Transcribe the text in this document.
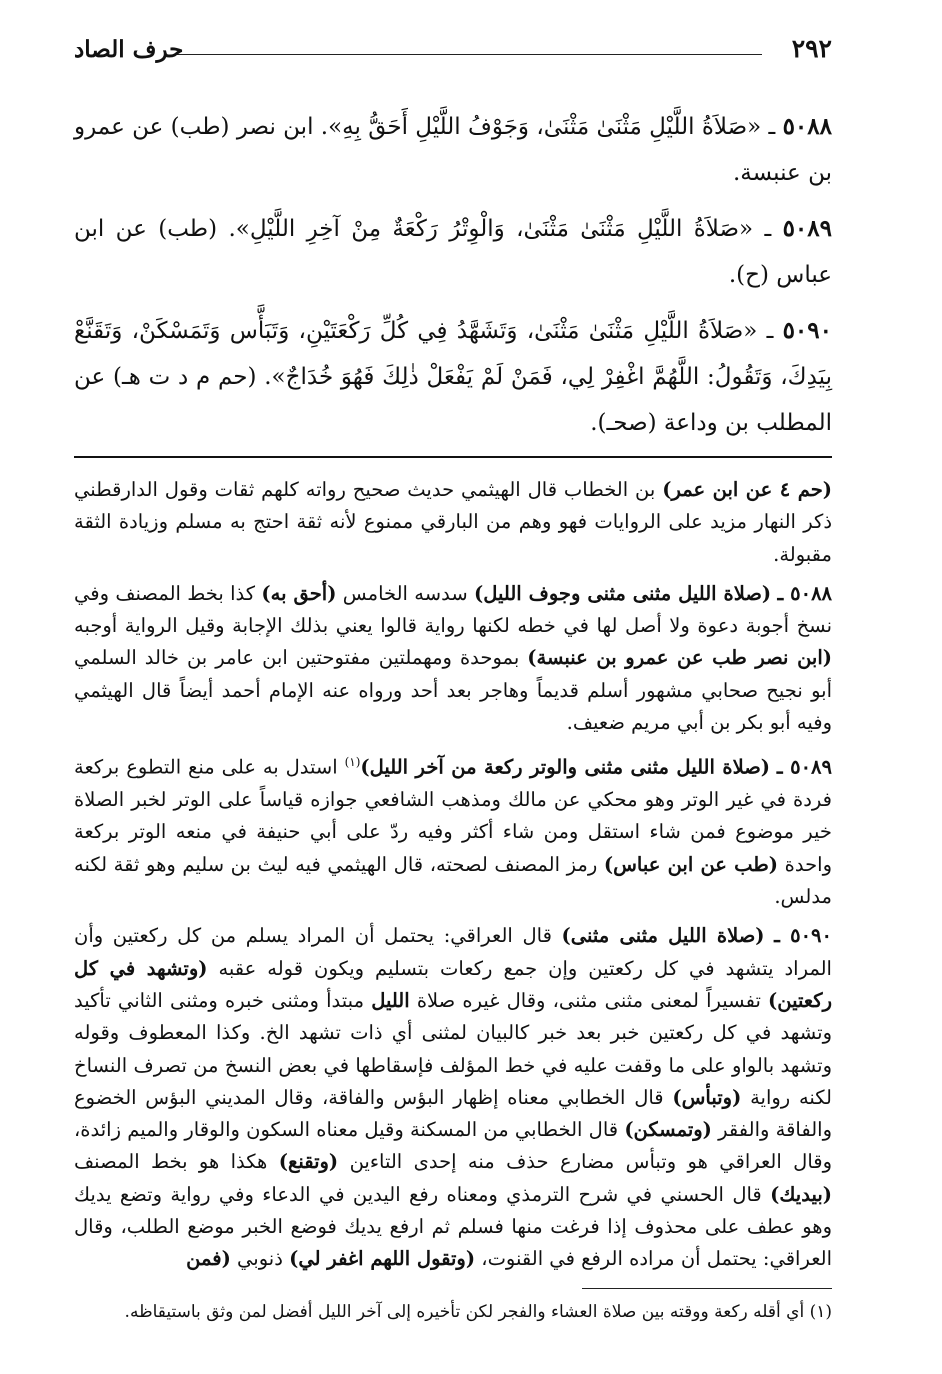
٢٩٢
حرف الصاد

٥٠٨٨ ـ «صَلاَةُ اللَّيْلِ مَثْنَىٰ مَثْنَىٰ، وَجَوْفُ اللَّيْلِ أَحَقُّ بِهِ». ابن نصر (طب) عن عمرو بن عنبسة.

٥٠٨٩ ـ «صَلاَةُ اللَّيْلِ مَثْنَىٰ مَثْنَىٰ، وَالْوِتْرُ رَكْعَةٌ مِنْ آخِرِ اللَّيْلِ». (طب) عن ابن عباس (ح).

٥٠٩٠ ـ «صَلاَةُ اللَّيْلِ مَثْنَىٰ مَثْنَىٰ، وَتَشَهَّدُ فِي كُلِّ رَكْعَتَيْنِ، وَتَبَأَّس وَتَمَسْكَنْ، وَتَقَنَّعْ بِيَدِكَ، وَتَقُولُ: اللَّهُمَّ اغْفِرْ لِي، فَمَنْ لَمْ يَفْعَلْ ذٰلِكَ فَهُوَ خُدَاجٌ». (حم م د ت هـ) عن المطلب بن وداعة (صحـ).

(حم ٤ عن ابن عمر) بن الخطاب قال الهيثمي حديث صحيح رواته كلهم ثقات وقول الدارقطني ذكر النهار مزيد على الروايات فهو وهم من البارقي ممنوع لأنه ثقة احتج به مسلم وزيادة الثقة مقبولة.

٥٠٨٨ ـ (صلاة الليل مثنى مثنى وجوف الليل) سدسه الخامس (أحق به) كذا بخط المصنف وفي نسخ أجوبة دعوة ولا أصل لها في خطه لكنها رواية قالوا يعني بذلك الإجابة وقيل الرواية أوجبه (ابن نصر طب عن عمرو بن عنبسة) بموحدة ومهملتين مفتوحتين ابن عامر بن خالد السلمي أبو نجيح صحابي مشهور أسلم قديماً وهاجر بعد أحد ورواه عنه الإمام أحمد أيضاً قال الهيثمي وفيه أبو بكر بن أبي مريم ضعيف.

٥٠٨٩ ـ (صلاة الليل مثنى مثنى والوتر ركعة من آخر الليل)$^{(١)}$ استدل به على منع التطوع بركعة فردة في غير الوتر وهو محكي عن مالك ومذهب الشافعي جوازه قياساً على الوتر لخبر الصلاة خير موضوع فمن شاء استقل ومن شاء أكثر وفيه ردّ على أبي حنيفة في منعه الوتر بركعة واحدة (طب عن ابن عباس) رمز المصنف لصحته، قال الهيثمي فيه ليث بن سليم وهو ثقة لكنه مدلس.

٥٠٩٠ ـ (صلاة الليل مثنى مثنى) قال العراقي: يحتمل أن المراد يسلم من كل ركعتين وأن المراد يتشهد في كل ركعتين وإن جمع ركعات بتسليم ويكون قوله عقبه (وتشهد في كل ركعتين) تفسيراً لمعنى مثنى مثنى، وقال غيره صلاة الليل مبتدأ ومثنى خبره ومثنى الثاني تأكيد وتشهد في كل ركعتين خبر بعد خبر كالبيان لمثنى أي ذات تشهد الخ. وكذا المعطوف وقوله وتشهد بالواو على ما وقفت عليه في خط المؤلف فإسقاطها في بعض النسخ من تصرف النساخ لكنه رواية (وتبأس) قال الخطابي معناه إظهار البؤس والفاقة، وقال المديني البؤس الخضوع والفاقة والفقر (وتمسكن) قال الخطابي من المسكنة وقيل معناه السكون والوقار والميم زائدة، وقال العراقي هو وتبأس مضارع حذف منه إحدى التاءين (وتقنع) هكذا هو بخط المصنف (بيديك) قال الحسني في شرح الترمذي ومعناه رفع اليدين في الدعاء وفي رواية وتضع يديك وهو عطف على محذوف إذا فرغت منها فسلم ثم ارفع يديك فوضع الخبر موضع الطلب، وقال العراقي: يحتمل أن مراده الرفع في القنوت، (وتقول اللهم اغفر لي) ذنوبي (فمن

(١) أي أقله ركعة ووقته بين صلاة العشاء والفجر لكن تأخيره إلى آخر الليل أفضل لمن وثق باستيقاظه.
